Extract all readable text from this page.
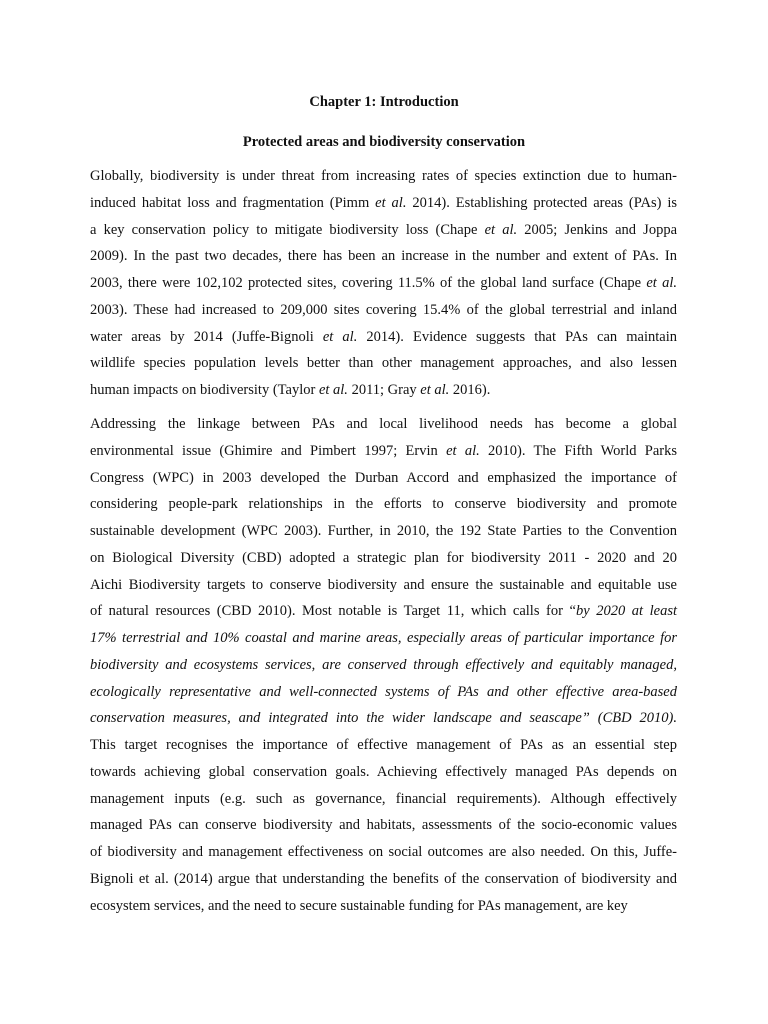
Chapter 1: Introduction
Protected areas and biodiversity conservation

Globally, biodiversity is under threat from increasing rates of species extinction due to human-
induced habitat loss and fragmentation (Pimm et al. 2014). Establishing protected areas (PAs) is
a key conservation policy to mitigate biodiversity loss (Chape et al. 2005; Jenkins and Joppa
2009). In the past two decades, there has been an increase in the number and extent of PAs. In
2003, there were 102,102 protected sites, covering 11.5% of the global land surface (Chape et al.
2003). These had increased to 209,000 sites covering 15.4% of the global terrestrial and inland
water areas by 2014 (Juffe-Bignoli et al. 2014). Evidence suggests that PAs can maintain
wildlife species population levels better than other management approaches, and also lessen
human impacts on biodiversity (Taylor et al. 2011; Gray et al. 2016).

Addressing the linkage between PAs and local livelihood needs has become a global
environmental issue (Ghimire and Pimbert 1997; Ervin et al. 2010). The Fifth World Parks
Congress (WPC) in 2003 developed the Durban Accord and emphasized the importance of
considering people-park relationships in the efforts to conserve biodiversity and promote
sustainable development (WPC 2003). Further, in 2010, the 192 State Parties to the Convention
on Biological Diversity (CBD) adopted a strategic plan for biodiversity 2011 - 2020 and 20
Aichi Biodiversity targets to conserve biodiversity and ensure the sustainable and equitable use
of natural resources (CBD 2010). Most notable is Target 11, which calls for “by 2020 at least
17% terrestrial and 10% coastal and marine areas, especially areas of particular importance for
biodiversity and ecosystems services, are conserved through effectively and equitably managed,
ecologically representative and well-connected systems of PAs and other effective area-based
conservation measures, and integrated into the wider landscape and seascape” (CBD 2010).
This target recognises the importance of effective management of PAs as an essential step
towards achieving global conservation goals. Achieving effectively managed PAs depends on
management inputs (e.g. such as governance, financial requirements). Although effectively
managed PAs can conserve biodiversity and habitats, assessments of the socio-economic values
of biodiversity and management effectiveness on social outcomes are also needed. On this, Juffe-
Bignoli et al. (2014) argue that understanding the benefits of the conservation of biodiversity and
ecosystem services, and the need to secure sustainable funding for PAs management, are key
